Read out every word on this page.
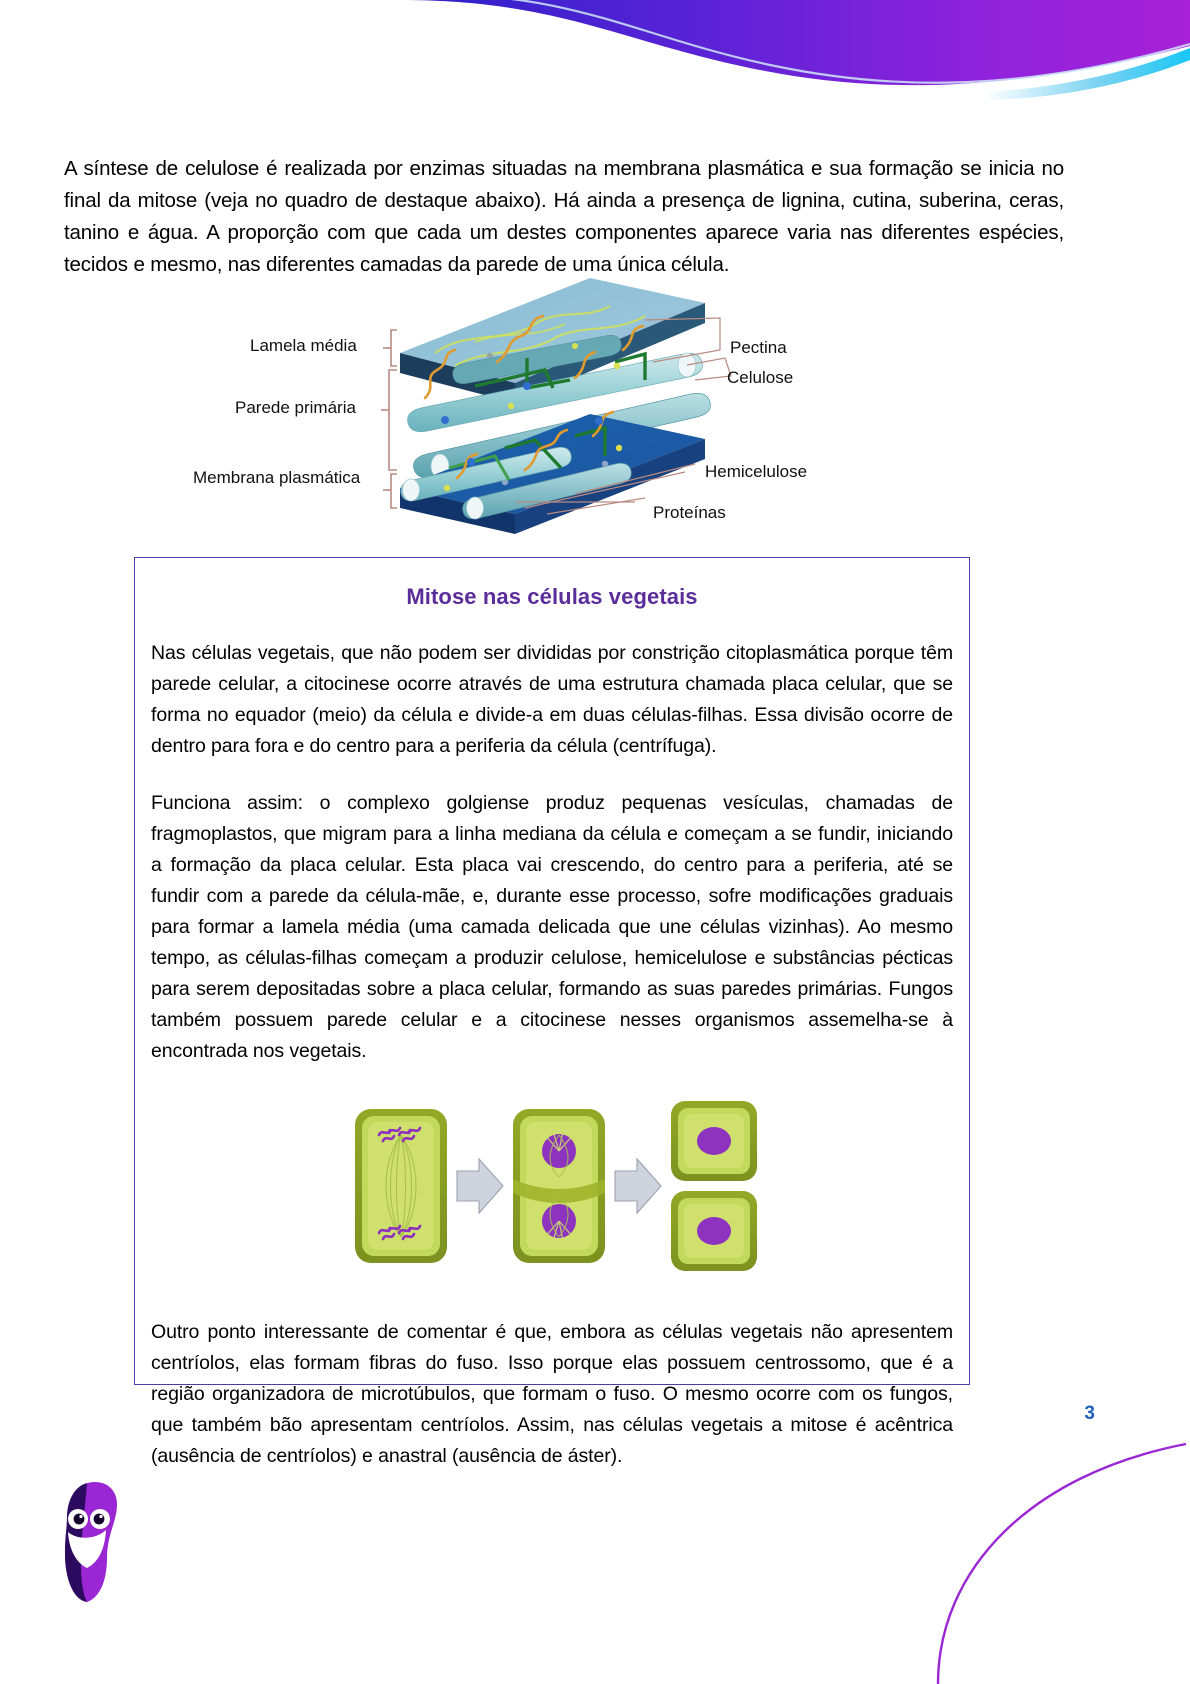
A síntese de celulose é realizada por enzimas situadas na membrana plasmática e sua formação se inicia no final da mitose (veja no quadro de destaque abaixo). Há ainda a presença de lignina, cutina, suberina, ceras, tanino e água. A proporção com que cada um destes componentes aparece varia nas diferentes espécies, tecidos e mesmo, nas diferentes camadas da parede de uma única célula.

Lamela média
Parede primária
Membrana plasmática
Pectina
Celulose
Hemicelulose
Proteínas
Mitose nas células vegetais

Nas células vegetais, que não podem ser divididas por constrição citoplasmática porque têm parede celular, a citocinese ocorre através de uma estrutura chamada placa celular, que se forma no equador (meio) da célula e divide-a em duas células-filhas. Essa divisão ocorre de dentro para fora e do centro para a periferia da célula (centrífuga).

Funciona assim: o complexo golgiense produz pequenas vesículas, chamadas de fragmoplastos, que migram para a linha mediana da célula e começam a se fundir, iniciando a formação da placa celular. Esta placa vai crescendo, do centro para a periferia, até se fundir com a parede da célula-mãe, e, durante esse processo, sofre modificações graduais para formar a lamela média (uma camada delicada que une células vizinhas). Ao mesmo tempo, as células-filhas começam a produzir celulose, hemicelulose e substâncias pécticas para serem depositadas sobre a placa celular, formando as suas paredes primárias. Fungos também possuem parede celular e a citocinese nesses organismos assemelha-se à encontrada nos vegetais.

Outro ponto interessante de comentar é que, embora as células vegetais não apresentem centríolos, elas formam fibras do fuso. Isso porque elas possuem centrossomo, que é a região organizadora de microtúbulos, que formam o fuso. O mesmo ocorre com os fungos, que também bão apresentam centríolos. Assim, nas células vegetais a mitose é acêntrica (ausência de centríolos) e anastral (ausência de áster).

3
